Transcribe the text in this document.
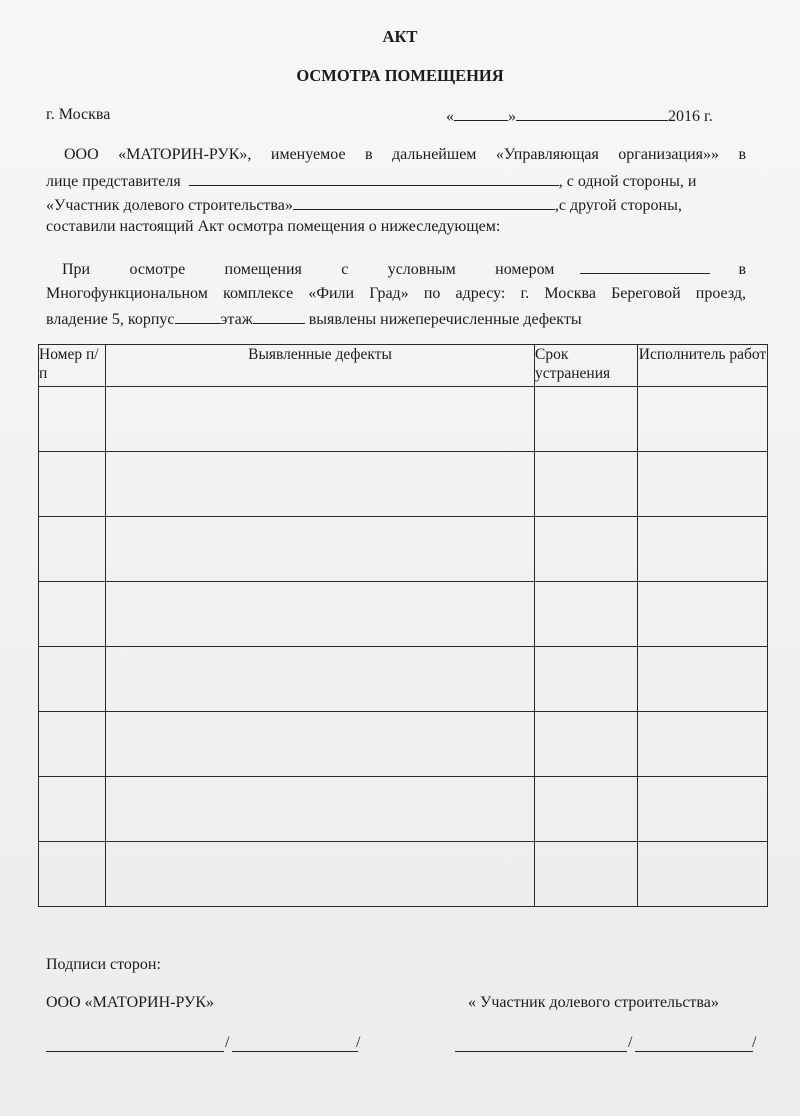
АКТ
ОСМОТРА ПОМЕЩЕНИЯ
г. Москва	«	»	2016 г.
ООО «МАТОРИН-РУК», именуемое в дальнейшем «Управляющая организация»» в
лице представителя	, с одной стороны, и
«Участник долевого строительства»	,с другой стороны,
составили настоящий Акт осмотра помещения о нижеследующем:
При осмотре помещения с условным номером	в
Многофункциональном комплексе «Фили Град» по адресу: г. Москва Береговой проезд,
владение 5, корпус	этаж	выявлены нижеперечисленные дефекты
Номер п/п	Выявленные дефекты	Срок устранения	Исполнитель работ

Подписи сторон:
ООО «МАТОРИН-РУК»	« Участник долевого строительства»
/	/	/	/
